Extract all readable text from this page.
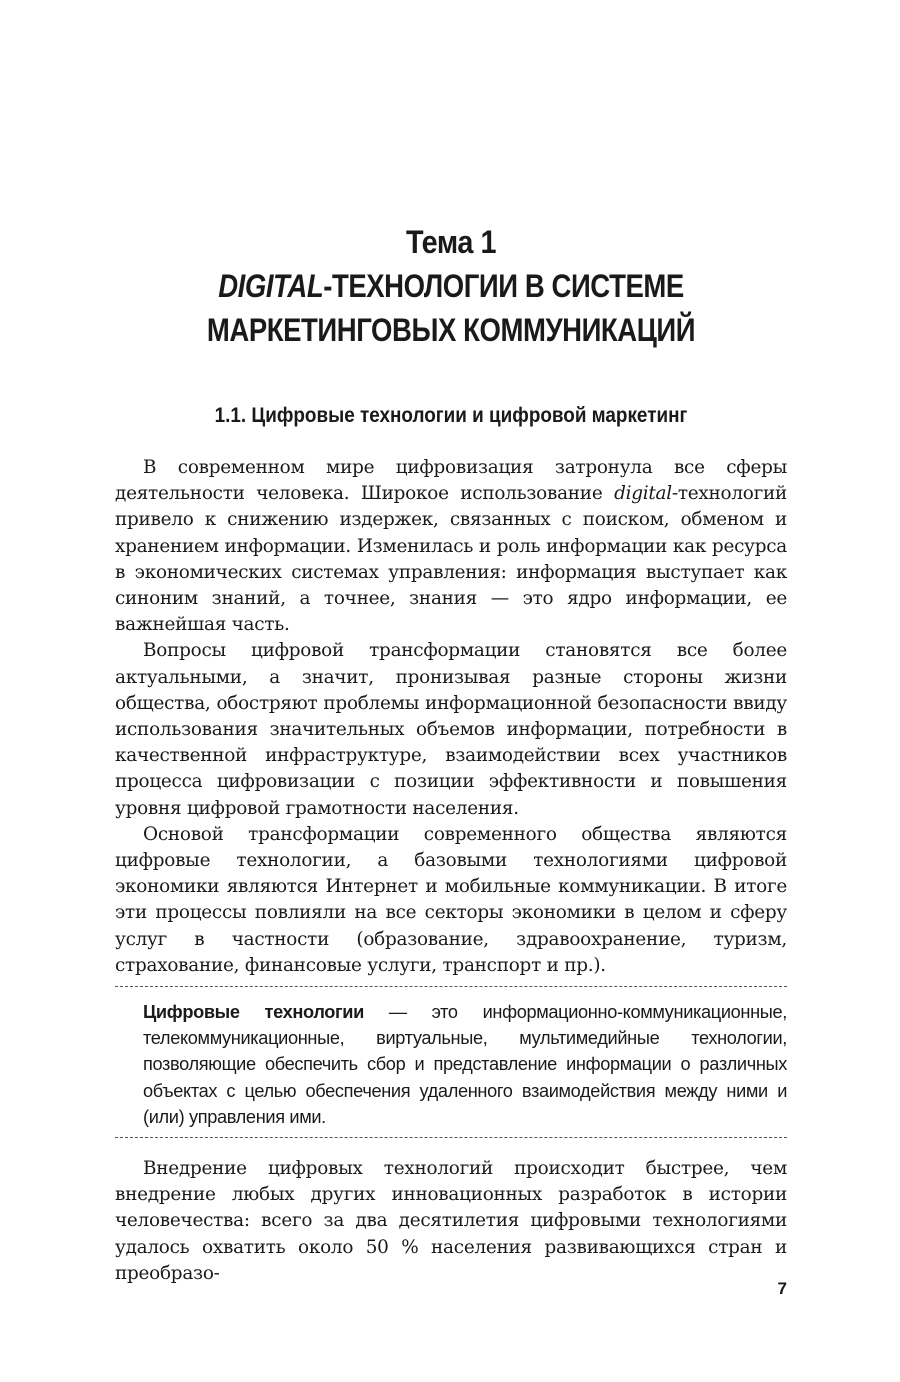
Тема 1
DIGITAL-ТЕХНОЛОГИИ В СИСТЕМЕ
МАРКЕТИНГОВЫХ КОММУНИКАЦИЙ
1.1. Цифровые технологии и цифровой маркетинг

В современном мире цифровизация затронула все сферы деятельности человека. Широкое использование digital-технологий привело к снижению издержек, связанных с поиском, обменом и хранением информации. Изменилась и роль информации как ресурса в экономических системах управления: информация выступает как синоним знаний, а точнее, знания — это ядро информации, ее важнейшая часть.

Вопросы цифровой трансформации становятся все более актуальными, а значит, пронизывая разные стороны жизни общества, обостряют проблемы информационной безопасности ввиду использования значительных объемов информации, потребности в качественной инфраструктуре, взаимодействии всех участников процесса цифровизации с позиции эффективности и повышения уровня цифровой грамотности населения.

Основой трансформации современного общества являются цифровые технологии, а базовыми технологиями цифровой экономики являются Интернет и мобильные коммуникации. В итоге эти процессы повлияли на все секторы экономики в целом и сферу услуг в частности (образование, здравоохранение, туризм, страхование, финансовые услуги, транспорт и пр.).

Цифровые технологии — это информационно-коммуникационные, телекоммуникационные, виртуальные, мультимедийные технологии, позволяющие обеспечить сбор и представление информации о различных объектах с целью обеспечения удаленного взаимодействия между ними и (или) управления ими.

Внедрение цифровых технологий происходит быстрее, чем внедрение любых других инновационных разработок в истории человечества: всего за два десятилетия цифровыми технологиями удалось охватить около 50 % населения развивающихся стран и преобразо-

7
